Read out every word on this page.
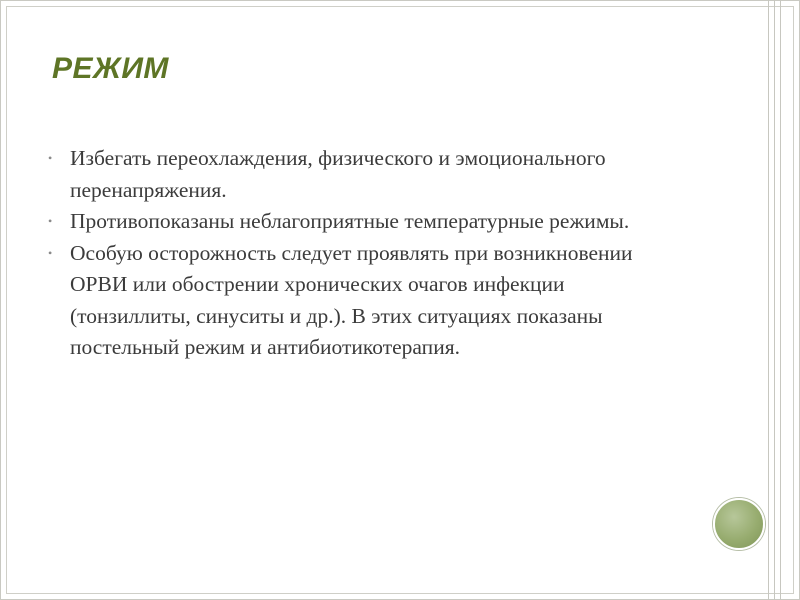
РЕЖИМ
• Избегать переохлаждения, физического и эмоционального перенапряжения.
• Противопоказаны неблагоприятные температурные режимы.
• Особую осторожность следует проявлять при возникновении ОРВИ или обострении хронических очагов инфекции (тонзиллиты, синуситы и др.). В этих ситуациях показаны постельный режим и антибиотикотерапия.
